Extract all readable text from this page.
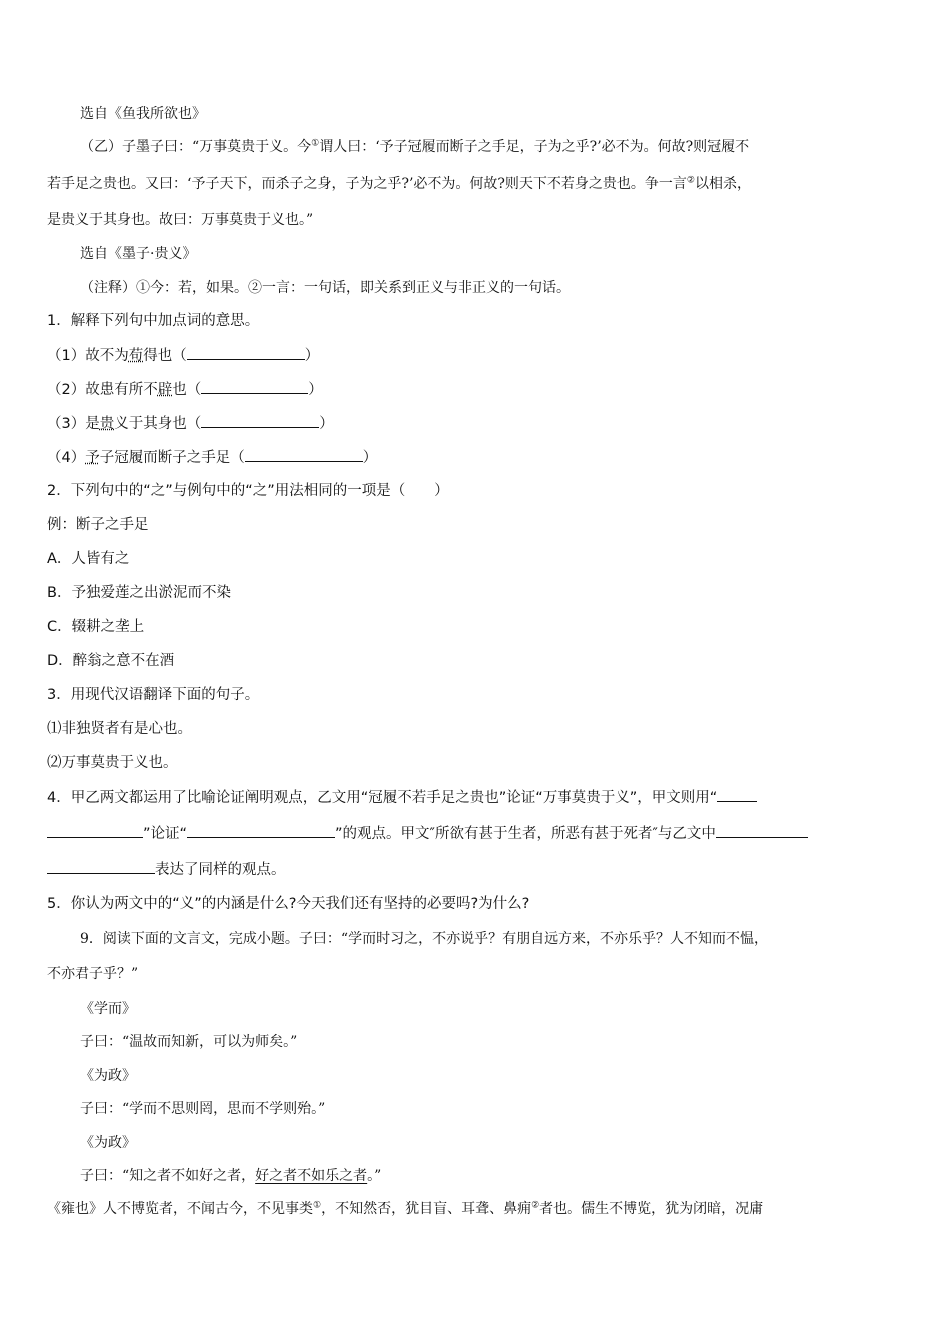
选自《鱼我所欲也》
（乙）子墨子曰：“万事莫贵于义。今①谓人曰：‘予子冠履而断子之手足，子为之乎?’必不为。何故?则冠履不
若手足之贵也。又曰：‘予子天下，而杀子之身，子为之乎?’必不为。何故?则天下不若身之贵也。争一言②以相杀，
是贵义于其身也。故曰：万事莫贵于义也。”
选自《墨子·贵义》
（注释）①今：若，如果。②一言：一句话，即关系到正义与非正义的一句话。
1．解释下列句中加点词的意思。
（1）故不为苟得也（	）
（2）故患有所不辟也（	）
（3）是贵义于其身也（	）
（4）予子冠履而断子之手足（	）
2．下列句中的“之”与例句中的“之”用法相同的一项是（　　）
例：断子之手足
A．人皆有之
B．予独爱莲之出淤泥而不染
C．辍耕之垄上
D．醉翁之意不在酒
3．用现代汉语翻译下面的句子。
⑴非独贤者有是心也。
⑵万事莫贵于义也。
4．甲乙两文都运用了比喻论证阐明观点，乙文用“冠履不若手足之贵也”论证“万事莫贵于义”，甲文则用“
”论证“	”的观点。甲文″所欲有甚于生者，所恶有甚于死者″与乙文中
表达了同样的观点。
5．你认为两文中的“义”的内涵是什么?今天我们还有坚持的必要吗?为什么?
9．阅读下面的文言文，完成小题。子曰：“学而时习之，不亦说乎？有朋自远方来，不亦乐乎？人不知而不愠，
不亦君子乎？”
《学而》
子曰：“温故而知新，可以为师矣。”
《为政》
子曰：“学而不思则罔，思而不学则殆。”
《为政》
子曰：“知之者不如好之者，好之者不如乐之者。”
《雍也》人不博览者，不闻古今，不见事类①，不知然否，犹目盲、耳聋、鼻痈②者也。儒生不博览，犹为闭暗，况庸
